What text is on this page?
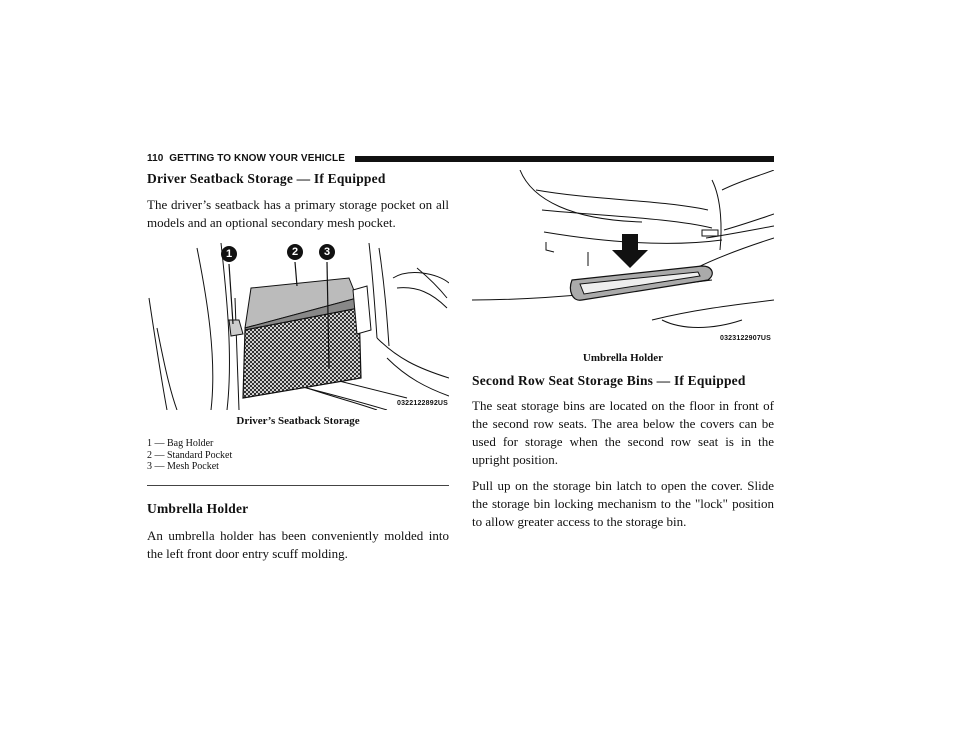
110 GETTING TO KNOW YOUR VEHICLE
Driver Seatback Storage — If Equipped

The driver’s seatback has a primary storage pocket on all models and an optional secondary mesh pocket.

1	2	3
0322122892US
Driver’s Seatback Storage
1 — Bag Holder
2 — Standard Pocket
3 — Mesh Pocket
Umbrella Holder

An umbrella holder has been conveniently molded into the left front door entry scuff molding.

0323122907US
Umbrella Holder
Second Row Seat Storage Bins — If Equipped

The seat storage bins are located on the floor in front of the second row seats. The area below the covers can be used for storage when the second row seat is in the upright position.

Pull up on the storage bin latch to open the cover. Slide the storage bin locking mechanism to the "lock" position to allow greater access to the storage bin.
